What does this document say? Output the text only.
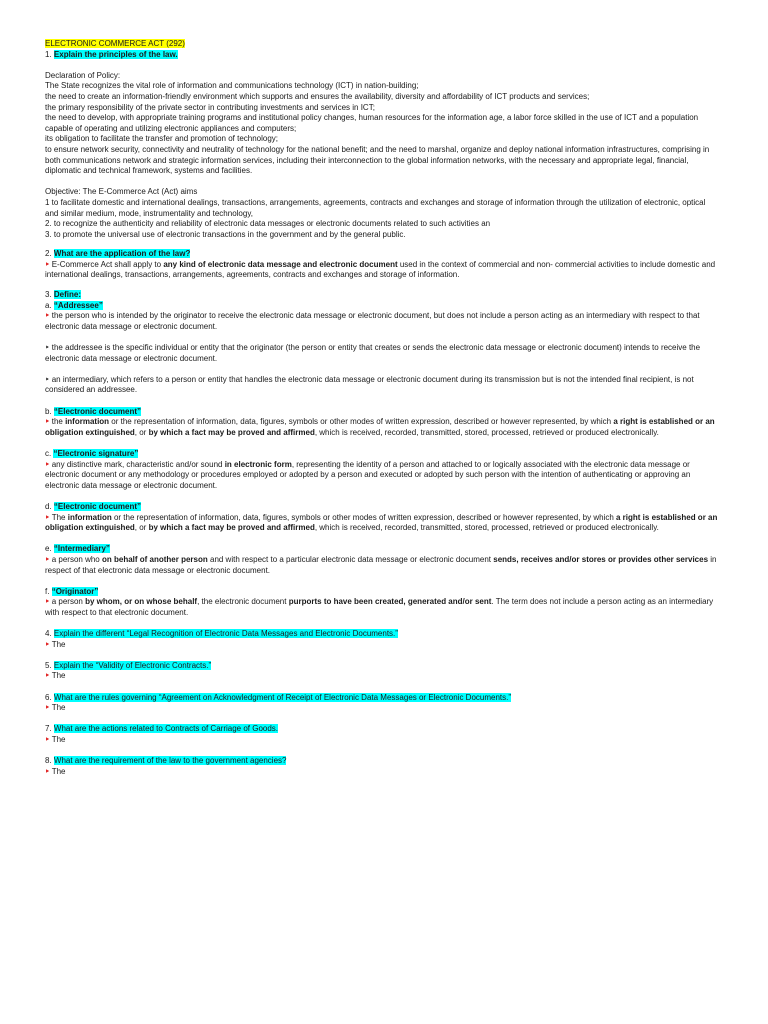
ELECTRONIC COMMERCE ACT (292)
1. Explain the principles of the law.
Declaration of Policy:
The State recognizes the vital role of information and communications technology (ICT) in nation-building;
the need to create an information-friendly environment which supports and ensures the availability, diversity and affordability of ICT products and services;
the primary responsibility of the private sector in contributing investments and services in ICT;
the need to develop, with appropriate training programs and institutional policy changes, human resources for the information age, a labor force skilled in the use of ICT and a population capable of operating and utilizing electronic appliances and computers;
its obligation to facilitate the transfer and promotion of technology;
to ensure network security, connectivity and neutrality of technology for the national benefit; and the need to marshal, organize and deploy national information infrastructures, comprising in both communications network and strategic information services, including their interconnection to the global information networks, with the necessary and appropriate legal, financial, diplomatic and technical framework, systems and facilities.
Objective: The E-Commerce Act (Act) aims
1 to facilitate domestic and international dealings, transactions, arrangements, agreements, contracts and exchanges and storage of information through the utilization of electronic, optical and similar medium, mode, instrumentality and technology,
2. to recognize the authenticity and reliability of electronic data messages or electronic documents related to such activities an
3. to promote the universal use of electronic transactions in the government and by the general public.
2. What are the application of the law?
‣ E-Commerce Act shall apply to any kind of electronic data message and electronic document used in the context of commercial and non- commercial activities to include domestic and international dealings, transactions, arrangements, agreements, contracts and exchanges and storage of information.
3. Define:
a. “Addressee”
‣ the person who is intended by the originator to receive the electronic data message or electronic document, but does not include a person acting as an intermediary with respect to that electronic data message or electronic document.
‣ the addressee is the specific individual or entity that the originator (the person or entity that creates or sends the electronic data message or electronic document) intends to receive the electronic data message or electronic document.
‣ an intermediary, which refers to a person or entity that handles the electronic data message or electronic document during its transmission but is not the intended final recipient, is not considered an addressee.
b. “Electronic document”
‣ the information or the representation of information, data, figures, symbols or other modes of written expression, described or however represented, by which a right is established or an obligation extinguished, or by which a fact may be proved and affirmed, which is received, recorded, transmitted, stored, processed, retrieved or produced electronically.
c. “Electronic signature”
‣ any distinctive mark, characteristic and/or sound in electronic form, representing the identity of a person and attached to or logically associated with the electronic data message or electronic document or any methodology or procedures employed or adopted by a person and executed or adopted by such person with the intention of authenticating or approving an electronic data message or electronic document.
d. “Electronic document”
‣ The information or the representation of information, data, figures, symbols or other modes of written expression, described or however represented, by which a right is established or an obligation extinguished, or by which a fact may be proved and affirmed, which is received, recorded, transmitted, stored, processed, retrieved or produced electronically.
e. “Intermediary”
‣ a person who on behalf of another person and with respect to a particular electronic data message or electronic document sends, receives and/or stores or provides other services in respect of that electronic data message or electronic document.
f. “Originator”
‣ a person by whom, or on whose behalf, the electronic document purports to have been created, generated and/or sent. The term does not include a person acting as an intermediary with respect to that electronic document.
4. Explain the different “Legal Recognition of Electronic Data Messages and Electronic Documents.”
‣ The
5. Explain the “Validity of Electronic Contracts.”
‣ The
6. What are the rules governing “Agreement on Acknowledgment of Receipt of Electronic Data Messages or Electronic Documents.”
‣ The
7. What are the actions related to Contracts of Carriage of Goods.
‣ The
8. What are the requirement of the law to the government agencies?
‣ The
